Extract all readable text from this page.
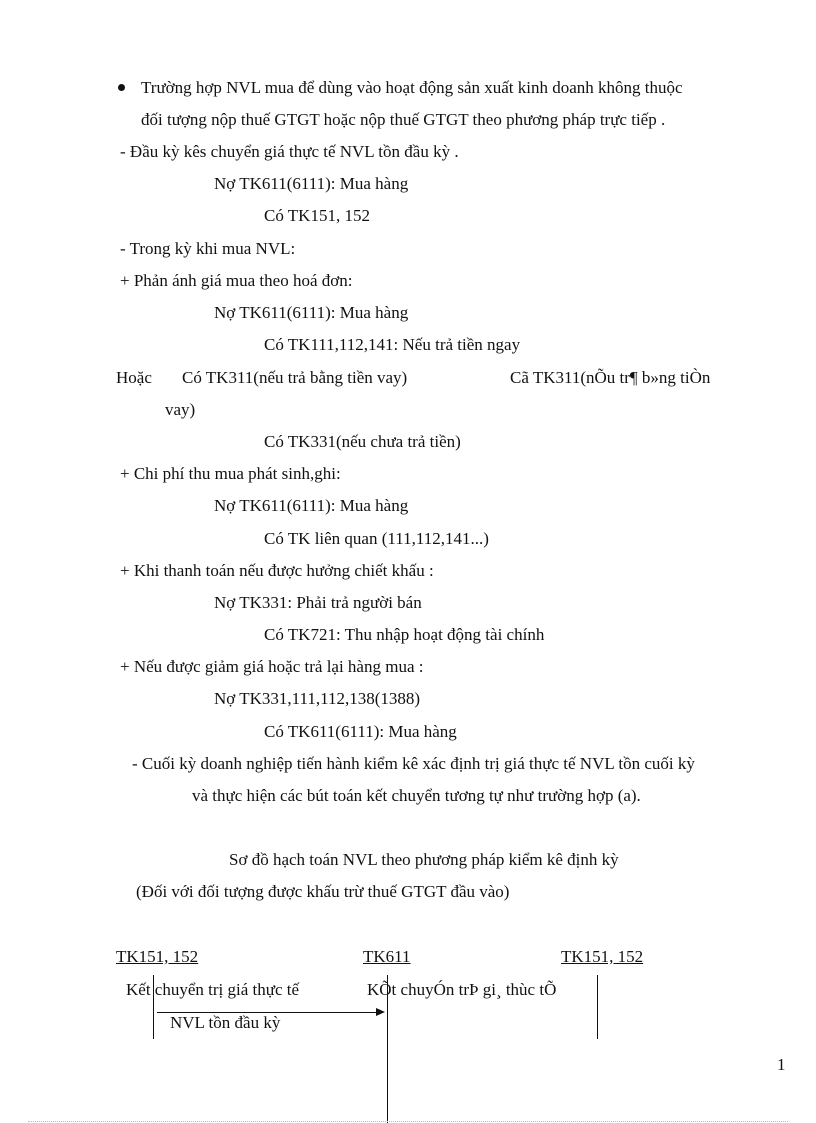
Trường hợp NVL mua để dùng vào hoạt động sản xuất kinh doanh không thuộc
đối tượng nộp thuế GTGT hoặc nộp thuế GTGT theo phương pháp trực tiếp .
- Đầu kỳ kês chuyển giá thực tế NVL tồn đầu kỳ .
Nợ TK611(6111): Mua hàng
Có TK151, 152
- Trong kỳ khi mua NVL:
+ Phản ánh giá mua theo hoá đơn:
Nợ TK611(6111): Mua hàng
Có TK111,112,141: Nếu trả tiền ngay
Hoặc Có TK311(nếu trả bằng tiền vay)	Cã TK311(nÕu tr¶ b»ng tiÒn
vay)
Có TK331(nếu chưa trả tiền)
+ Chi phí thu mua phát sinh,ghi:
Nợ TK611(6111): Mua hàng
Có TK liên quan (111,112,141...)
+ Khi thanh toán nếu được hưởng chiết khấu :
Nợ TK331: Phải trả người bán
Có TK721: Thu nhập hoạt động tài chính
+ Nếu được giảm giá hoặc trả lại hàng mua :
Nợ TK331,111,112,138(1388)
Có TK611(6111): Mua hàng
- Cuối kỳ doanh nghiệp tiến hành kiểm kê xác định trị giá thực tế NVL tồn cuối kỳ
và thực hiện các bút toán kết chuyển tương tự như trường hợp (a).
Sơ đồ hạch toán NVL theo phương pháp kiểm kê định kỳ
(Đối với đối tượng được khấu trừ thuế GTGT đầu vào)
TK151, 152	TK611	TK151, 152
Kết chuyển trị giá thực tế
NVL tồn đầu kỳ
KÕt chuyÓn trÞ gi¸ thùc tÕ
1
